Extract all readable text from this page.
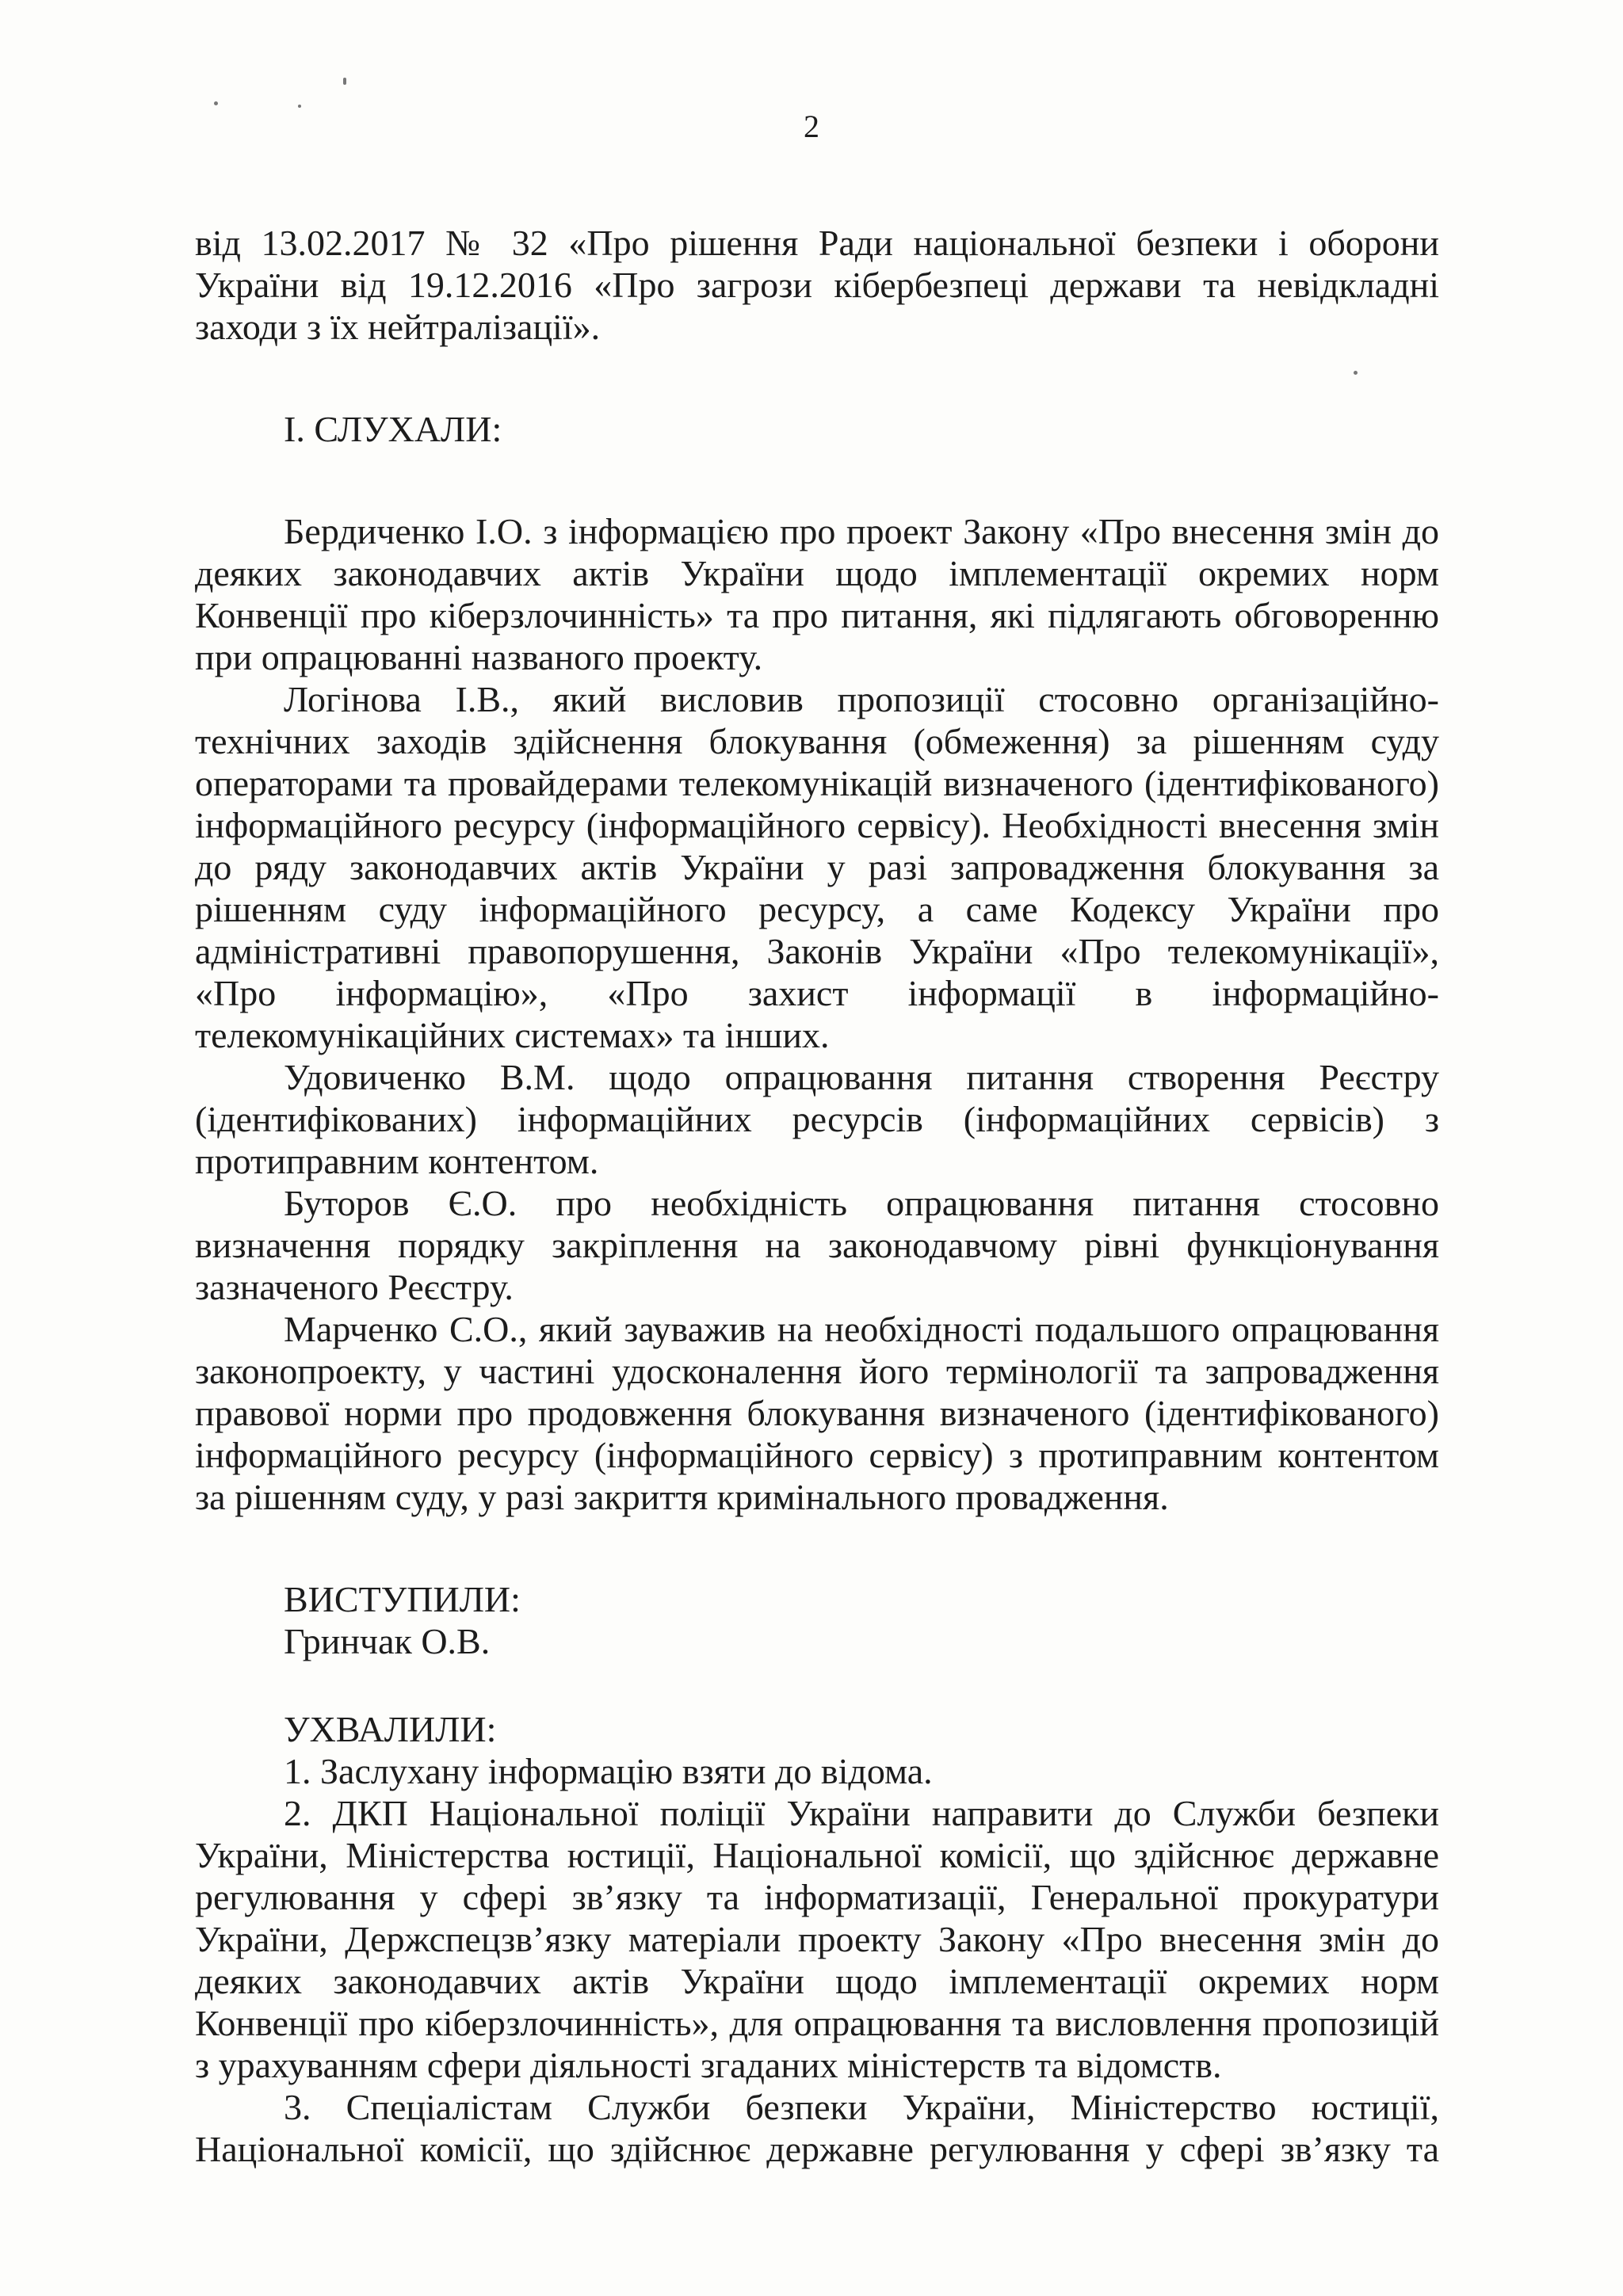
2

від 13.02.2017 № 32 «Про рішення Ради національної безпеки і оборони України від 19.12.2016 «Про загрози кібербезпеці держави та невідкладні заходи з їх нейтралізації».

I. СЛУХАЛИ:

Бердиченко І.О. з інформацією про проект Закону «Про внесення змін до деяких законодавчих актів України щодо імплементації окремих норм Конвенції про кіберзлочинність» та про питання, які підлягають обговоренню при опрацюванні названого проекту.

Логінова І.В., який висловив пропозиції стосовно організаційно-технічних заходів здійснення блокування (обмеження) за рішенням суду операторами та провайдерами телекомунікацій визначеного (ідентифікованого) інформаційного ресурсу (інформаційного сервісу). Необхідності внесення змін до ряду законодавчих актів України у разі запровадження блокування за рішенням суду інформаційного ресурсу, а саме Кодексу України про адміністративні правопорушення, Законів України «Про телекомунікації», «Про інформацію», «Про захист інформації в інформаційно-телекомунікаційних системах» та інших.

Удовиченко В.М. щодо опрацювання питання створення Реєстру (ідентифікованих) інформаційних ресурсів (інформаційних сервісів) з протиправним контентом.

Буторов Є.О. про необхідність опрацювання питання стосовно визначення порядку закріплення на законодавчому рівні функціонування зазначеного Реєстру.

Марченко С.О., який зауважив на необхідності подальшого опрацювання законопроекту, у частині удосконалення його термінології та запровадження правової норми про продовження блокування визначеного (ідентифікованого) інформаційного ресурсу (інформаційного сервісу) з протиправним контентом за рішенням суду, у разі закриття кримінального провадження.

ВИСТУПИЛИ:

Гринчак О.В.

УХВАЛИЛИ:

1. Заслухану інформацію взяти до відома.

2. ДКП Національної поліції України направити до Служби безпеки України, Міністерства юстиції, Національної комісії, що здійснює державне регулювання у сфері зв’язку та інформатизації, Генеральної прокуратури України, Держспецзв’язку матеріали проекту Закону «Про внесення змін до деяких законодавчих актів України щодо імплементації окремих норм Конвенції про кіберзлочинність», для опрацювання та висловлення пропозицій з урахуванням сфери діяльності згаданих міністерств та відомств.

3. Спеціалістам Служби безпеки України, Міністерство юстиції, Національної комісії, що здійснює державне регулювання у сфері зв’язку та
